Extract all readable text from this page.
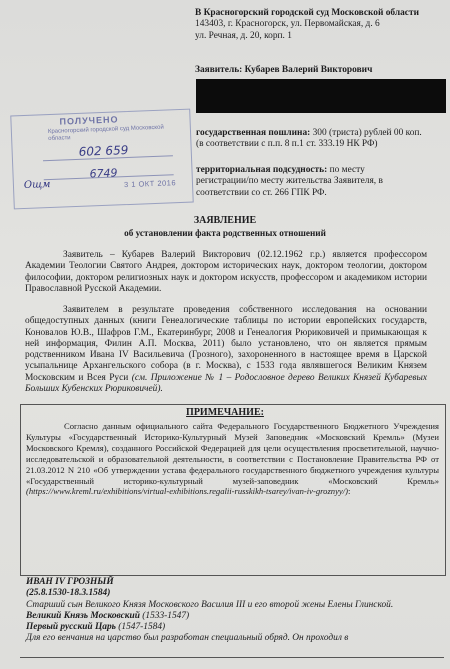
В Красногорский городской суд Московской области
143403, г. Красногорск, ул. Первомайская, д. 6
ул. Речная, д. 20, корп. 1
Заявитель: Кубарев Валерий Викторович
ПОЛУЧЕНО
Красногорский городской суд Московской области
602 659
6749
Ощм	3 1 ОКТ 2016
государственная пошлина: 300 (триста) рублей 00 коп.
(в соответствии с п.п. 8 п.1 ст. 333.19 НК РФ)
территориальная подсудность: по месту
регистрации/по месту жительства Заявителя, в
соответствии со ст. 266 ГПК РФ.
ЗАЯВЛЕНИЕ
об установлении факта родственных отношений
Заявитель – Кубарев Валерий Викторович (02.12.1962 г.р.) является профессором Академии Теологии Святого Андрея, доктором исторических наук, доктором теологии, доктором философии, доктором религиозных наук и доктором искусств, профессором и академиком истории Православной Русской Академии.
Заявителем в результате проведения собственного исследования на основании общедоступных данных (книги Генеалогические таблицы по истории европейских государств, Коновалов Ю.В., Шафров Г.М., Екатеринбург, 2008 и Генеалогия Рюриковичей и примыкающая к ней информация, Филин А.П. Москва, 2011) было установлено, что он является прямым родственником Ивана IV Васильевича (Грозного), захороненного в настоящее время в Царской усыпальнице Архангельского собора (в г. Москва), с 1533 года являвшегося Великим Князем Московским и Всея Руси (см. Приложение № 1 – Родословное дерево Великих Князей Кубаревых Больших Кубенских Рюриковичей).
ПРИМЕЧАНИЕ:
Согласно данным официального сайта Федерального Государственного Бюджетного Учреждения Культуры «Государственный Историко-Культурный Музей Заповедник «Московский Кремль» (Музеи Московского Кремля), созданного Российской Федерацией для цели осуществления просветительной, научно-исследовательской и образовательной деятельности, в соответствии с Постановление Правительства РФ от 21.03.2012 N 210 «Об утверждении устава федерального государственного бюджетного учреждения культуры «Государственный историко-культурный музей-заповедник «Московский Кремль» (https://www.kreml.ru/exhibitions/virtual-exhibitions.regalii-russkikh-tsarey/ivan-iv-groznyy/):
ИВАН IV ГРОЗНЫЙ
(25.8.1530-18.3.1584)
Старший сын Великого Князя Московского Василия III и его второй жены Елены Глинской.
Великий Князь Московский (1533-1547)
Первый русский Царь (1547-1584)
Для его венчания на царство был разработан специальный обряд. Он проходил в
